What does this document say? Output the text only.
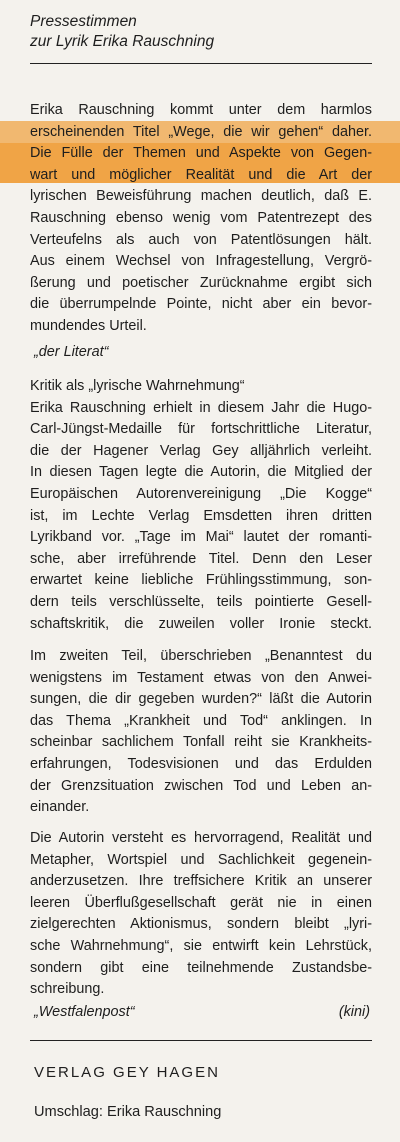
Pressestimmen
zur Lyrik Erika Rauschning
Erika Rauschning kommt unter dem harmlos
erscheinenden Titel „Wege, die wir gehen“ daher.
Die Fülle der Themen und Aspekte von Gegen-
wart und möglicher Realität und die Art der
lyrischen Beweisführung machen deutlich, daß E.
Rauschning ebenso wenig vom Patentrezept des
Verteufelns als auch von Patentlösungen hält.
Aus einem Wechsel von Infragestellung, Vergrö-
ßerung und poetischer Zurücknahme ergibt sich
die überrumpelnde Pointe, nicht aber ein bevor-
mundendes Urteil.
„der Literat“
Kritik als „lyrische Wahrnehmung“
Erika Rauschning erhielt in diesem Jahr die Hugo-
Carl-Jüngst-Medaille für fortschrittliche Literatur,
die der Hagener Verlag Gey alljährlich verleiht.
In diesen Tagen legte die Autorin, die Mitglied der
Europäischen Autorenvereinigung „Die Kogge“
ist, im Lechte Verlag Emsdetten ihren dritten
Lyrikband vor. „Tage im Mai“ lautet der romanti-
sche, aber irreführende Titel. Denn den Leser
erwartet keine liebliche Frühlingsstimmung, son-
dern teils verschlüsselte, teils pointierte Gesell-
schaftskritik, die zuweilen voller Ironie steckt.
Im zweiten Teil, überschrieben „Benanntest du
wenigstens im Testament etwas von den Anwei-
sungen, die dir gegeben wurden?“ läßt die Autorin
das Thema „Krankheit und Tod“ anklingen. In
scheinbar sachlichem Tonfall reiht sie Krankheits-
erfahrungen, Todesvisionen und das Erdulden
der Grenzsituation zwischen Tod und Leben an-
einander.
Die Autorin versteht es hervorragend, Realität und
Metapher, Wortspiel und Sachlichkeit gegenein-
anderzusetzen. Ihre treffsichere Kritik an unserer
leeren Überflußgesellschaft gerät nie in einen
zielgerechten Aktionismus, sondern bleibt „lyri-
sche Wahrnehmung“, sie entwirft kein Lehrstück,
sondern gibt eine teilnehmende Zustandsbe-
schreibung.
„Westfalenpost“	(kini)
VERLAG GEY HAGEN
Umschlag: Erika Rauschning
